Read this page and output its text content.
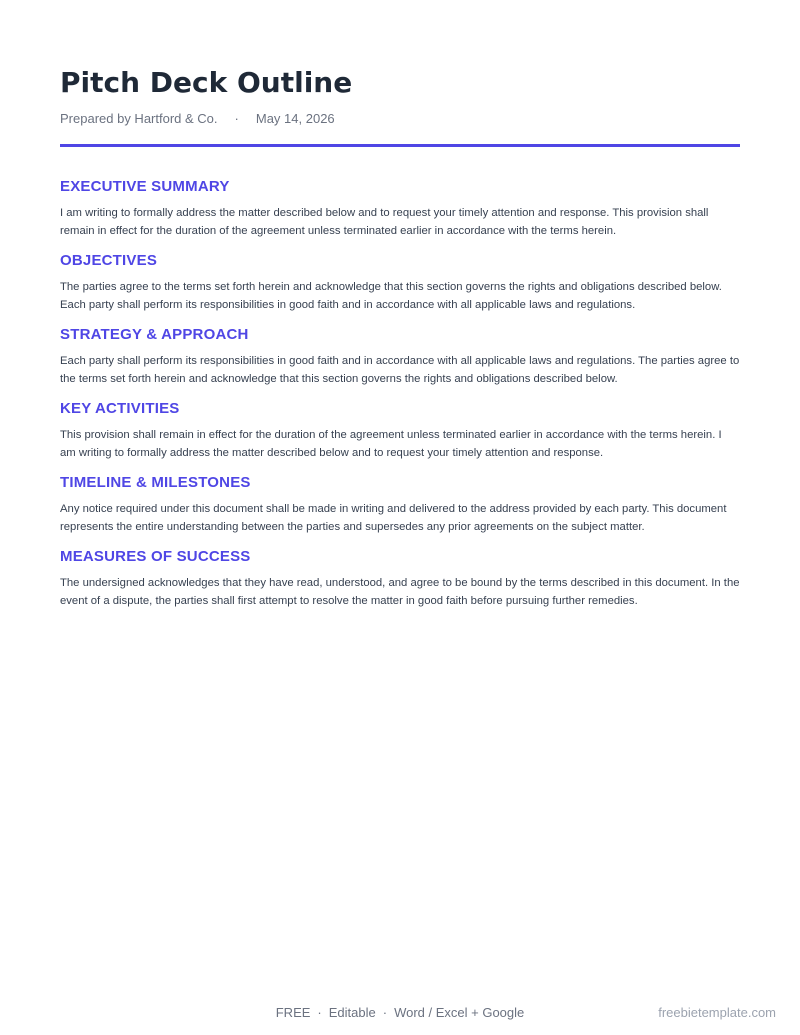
Pitch Deck Outline
Prepared by Hartford & Co. · May 14, 2026
EXECUTIVE SUMMARY

I am writing to formally address the matter described below and to request your timely attention and response. This provision shall remain in effect for the duration of the agreement unless terminated earlier in accordance with the terms herein.

OBJECTIVES

The parties agree to the terms set forth herein and acknowledge that this section governs the rights and obligations described below. Each party shall perform its responsibilities in good faith and in accordance with all applicable laws and regulations.

STRATEGY & APPROACH

Each party shall perform its responsibilities in good faith and in accordance with all applicable laws and regulations. The parties agree to the terms set forth herein and acknowledge that this section governs the rights and obligations described below.

KEY ACTIVITIES

This provision shall remain in effect for the duration of the agreement unless terminated earlier in accordance with the terms herein. I am writing to formally address the matter described below and to request your timely attention and response.

TIMELINE & MILESTONES

Any notice required under this document shall be made in writing and delivered to the address provided by each party. This document represents the entire understanding between the parties and supersedes any prior agreements on the subject matter.

MEASURES OF SUCCESS

The undersigned acknowledges that they have read, understood, and agree to be bound by the terms described in this document. In the event of a dispute, the parties shall first attempt to resolve the matter in good faith before pursuing further remedies.

FREE · Editable · Word / Excel + Google	freebietemplate.com
